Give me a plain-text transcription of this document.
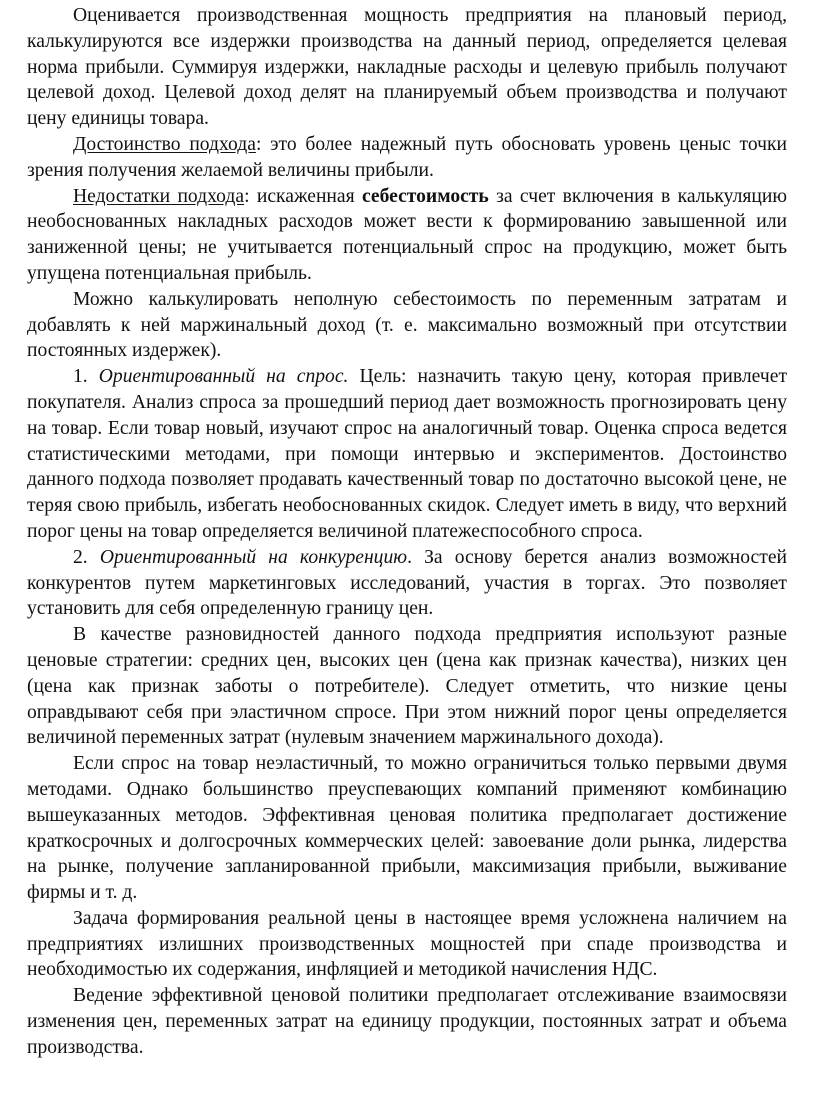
Оценивается производственная мощность предприятия на плановый период, калькулируются все издержки производства на данный период, определяется целевая норма прибыли. Суммируя издержки, накладные расходы и целевую прибыль получают целевой доход. Целевой доход делят на планируемый объем производства и получают цену единицы товара.

Достоинство подхода: это более надежный путь обосновать уровень ценыс точки зрения получения желаемой величины прибыли.

Недостатки подхода: искаженная себестоимость за счет включения в калькуляцию необоснованных накладных расходов может вести к формированию завышенной или заниженной цены; не учитывается потенциальный спрос на продукцию, может быть упущена потенциальная прибыль.

Можно калькулировать неполную себестоимость по переменным затратам и добавлять к ней маржинальный доход (т. е. максимально возможный при отсутствии постоянных издержек).

1. Ориентированный на спрос. Цель: назначить такую цену, которая привлечет покупателя. Анализ спроса за прошедший период дает возможность прогнозировать цену на товар. Если товар новый, изучают спрос на аналогичный товар. Оценка спроса ведется статистическими методами, при помощи интервью и экспериментов. Достоинство данного подхода позволяет продавать качественный товар по достаточно высокой цене, не теряя свою прибыль, избегать необоснованных скидок. Следует иметь в виду, что верхний порог цены на товар определяется величиной платежеспособного спроса.

2. Ориентированный на конкуренцию. За основу берется анализ возможностей конкурентов путем маркетинговых исследований, участия в торгах. Это позволяет установить для себя определенную границу цен.

В качестве разновидностей данного подхода предприятия используют разные ценовые стратегии: средних цен, высоких цен (цена как признак качества), низких цен (цена как признак заботы о потребителе). Следует отметить, что низкие цены оправдывают себя при эластичном спросе. При этом нижний порог цены определяется величиной переменных затрат (нулевым значением маржинального дохода).

Если спрос на товар неэластичный, то можно ограничиться только первыми двумя методами. Однако большинство преуспевающих компаний применяют комбинацию вышеуказанных методов. Эффективная ценовая политика предполагает достижение краткосрочных и долгосрочных коммерческих целей: завоевание доли рынка, лидерства на рынке, получение запланированной прибыли, максимизация прибыли, выживание фирмы и т. д.

Задача формирования реальной цены в настоящее время усложнена наличием на предприятиях излишних производственных мощностей при спаде производства и необходимостью их содержания, инфляцией и методикой начисления НДС.

Ведение эффективной ценовой политики предполагает отслеживание взаимосвязи изменения цен, переменных затрат на единицу продукции, постоянных затрат и объема производства.
